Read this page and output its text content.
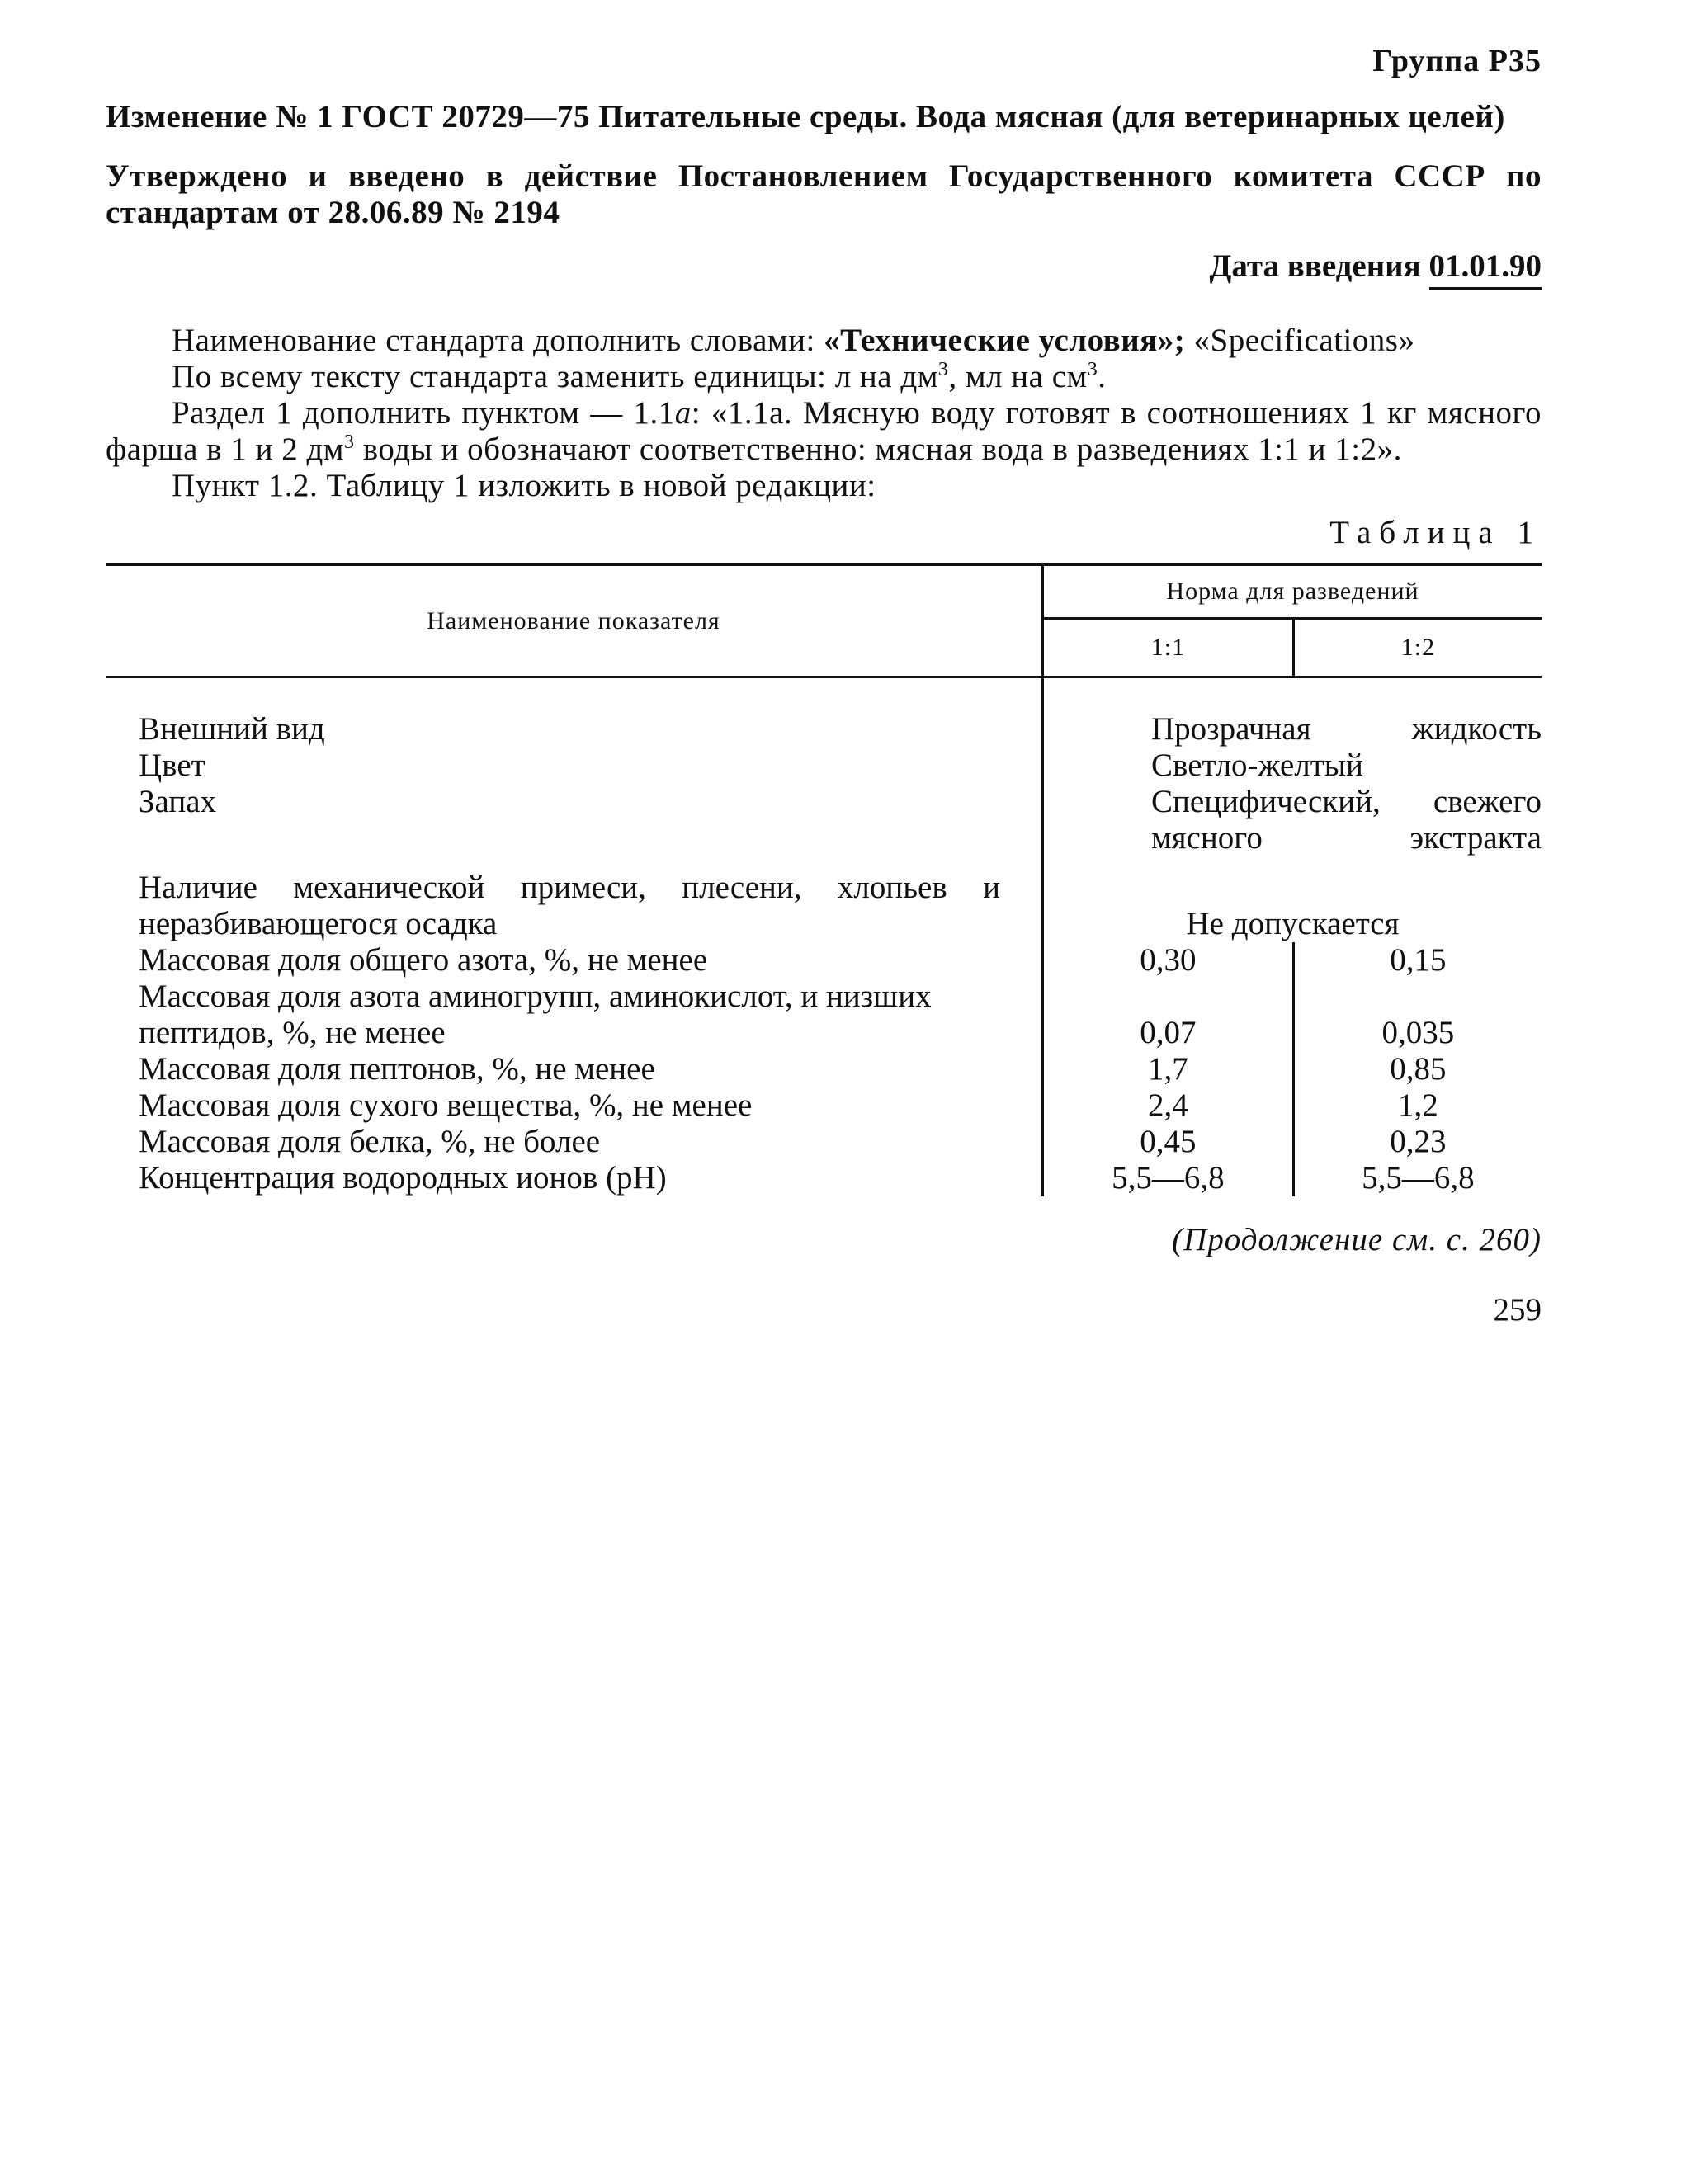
Группа Р35
Изменение № 1 ГОСТ 20729—75 Питательные среды. Вода мясная (для ветеринарных целей)
Утверждено и введено в действие Постановлением Государственного комитета СССР по стандартам от 28.06.89 № 2194
Дата введения 01.01.90

Наименование стандарта дополнить словами: «Технические условия»; «Specifications»

По всему тексту стандарта заменить единицы: л на $дм^3$, мл на $см^3$.

Раздел 1 дополнить пунктом — 1.1а: «1.1а. Мясную воду готовят в соотношениях 1 кг мясного фарша в 1 и 2 $дм^3$ воды и обозначают соответственно: мясная вода в разведениях 1:1 и 1:2».

Пункт 1.2. Таблицу 1 изложить в новой редакции:

Таблица 1
Наименование показателя	Норма для разведений	
	1:1	1:2

Внешний вид	Прозрачная жидкость	
Цвет	Светло-желтый	
Запах	Специфический, свежего мясного экстракта	

Наличие механической примеси, плесени, хлопьев и неразбивающегося осадка	Не допускается	
Массовая доля общего азота, %, не менее	0,30	0,15
Массовая доля азота аминогрупп, аминокислот, и низших пептидов, %, не менее	0,07	0,035
Массовая доля пептонов, %, не менее	1,7	0,85
Массовая доля сухого вещества, %, не менее	2,4	1,2
Массовая доля белка, %, не более	0,45	0,23
Концентрация водородных ионов (pH)	5,5—6,8	5,5—6,8
(Продолжение см. с. 260)
259
